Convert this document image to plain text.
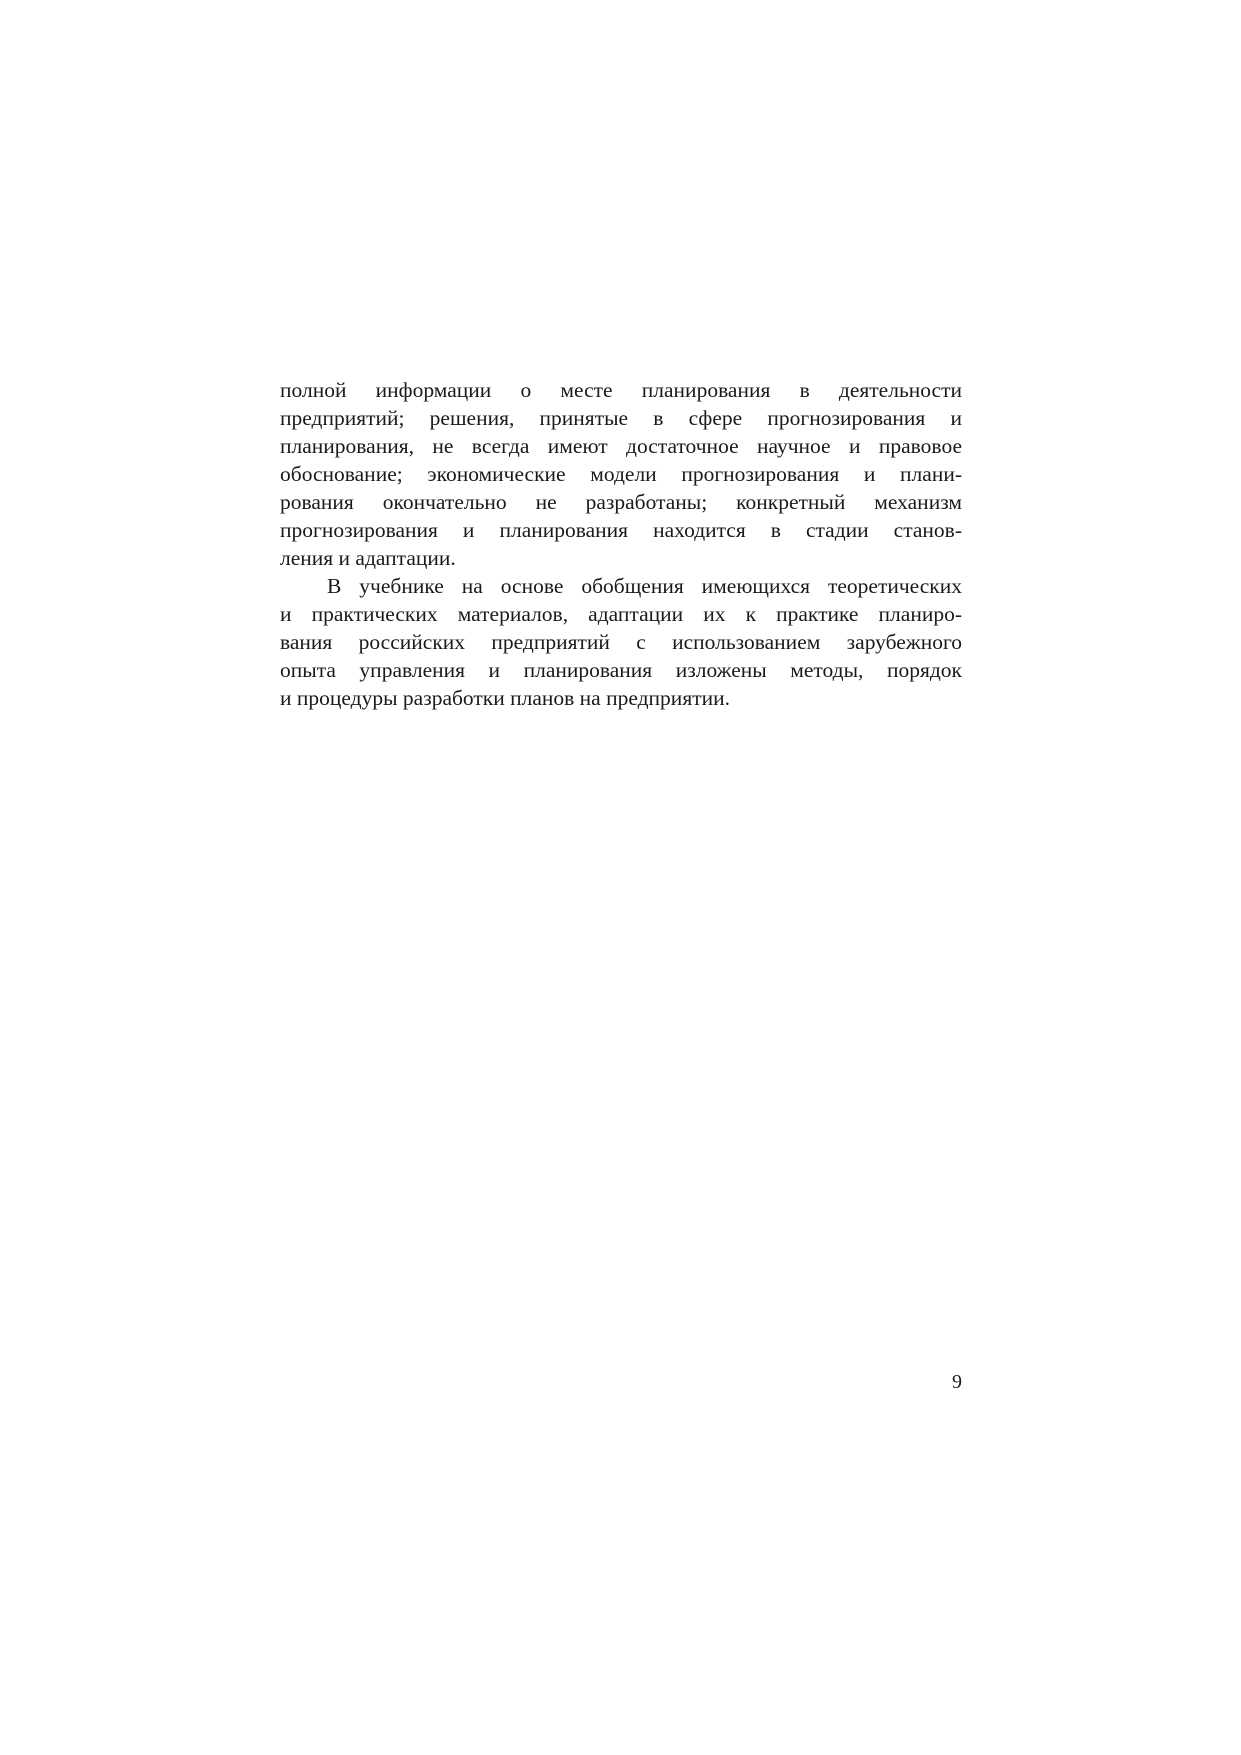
полной информации о месте планирования в деятельности
предприятий; решения, принятые в сфере прогнозирования и
планирования, не всегда имеют достаточное научное и правовое
обоснование; экономические модели прогнозирования и плани-
рования окончательно не разработаны; конкретный механизм
прогнозирования и планирования находится в стадии станов-
ления и адаптации.
В учебнике на основе обобщения имеющихся теоретических
и практических материалов, адаптации их к практике планиро-
вания российских предприятий с использованием зарубежного
опыта управления и планирования изложены методы, порядок
и процедуры разработки планов на предприятии.
9
